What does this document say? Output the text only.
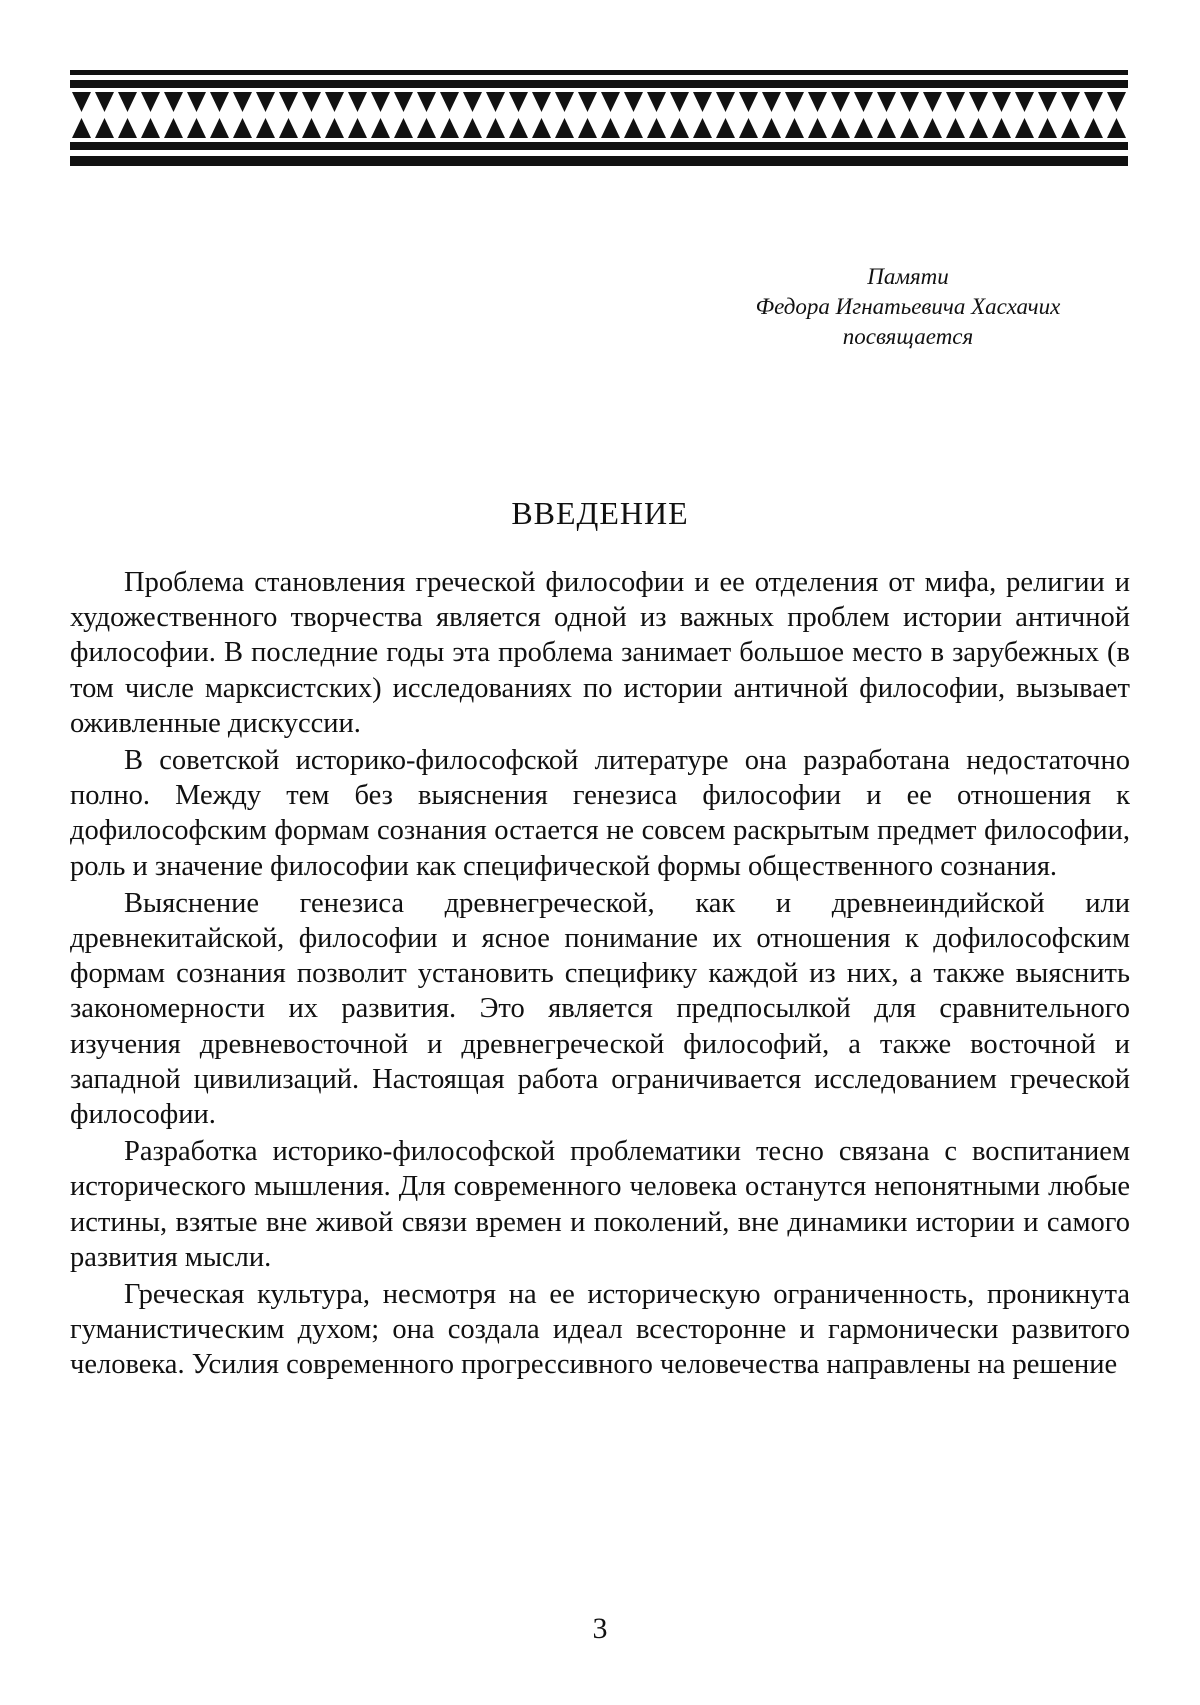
Памяти
Федора Игнатьевича Хасхачих
посвящается
ВВЕДЕНИЕ

Проблема становления греческой философии и ее отделения от мифа, религии и художественного творчества является одной из важных проблем истории античной философии. В последние годы эта проблема занимает большое место в зарубежных (в том числе марксистских) исследованиях по истории античной философии, вызывает оживленные дискуссии.

В советской историко-философской литературе она разработана недостаточно полно. Между тем без выяснения генезиса философии и ее отношения к дофилософским формам сознания остается не совсем раскрытым предмет философии, роль и значение философии как специфической формы общественного сознания.

Выяснение генезиса древнегреческой, как и древнеиндийской или древнекитайской, философии и ясное понимание их отношения к дофилософским формам сознания позволит установить специфику каждой из них, а также выяснить закономерности их развития. Это является предпосылкой для сравнительного изучения древневосточной и древнегреческой философий, а также восточной и западной цивилизаций. Настоящая работа ограничивается исследованием греческой философии.

Разработка историко-философской проблематики тесно связана с воспитанием исторического мышления. Для современного человека останутся непонятными любые истины, взятые вне живой связи времен и поколений, вне динамики истории и самого развития мысли.

Греческая культура, несмотря на ее историческую ограниченность, проникнута гуманистическим духом; она создала идеал всесторонне и гармонически развитого человека. Усилия современного прогрессивного человечества направлены на решение

3
